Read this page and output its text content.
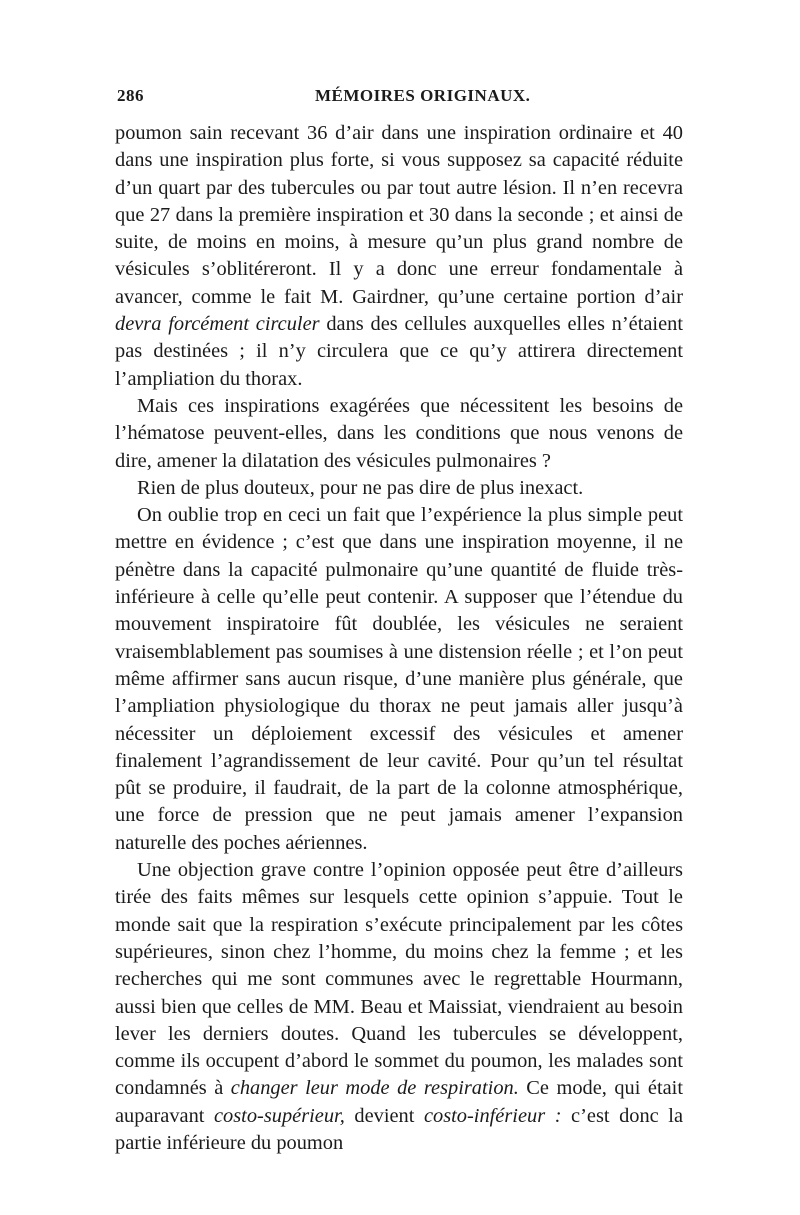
286	MÉMOIRES ORIGINAUX.

poumon sain recevant 36 d’air dans une inspiration ordinaire et 40 dans une inspiration plus forte, si vous supposez sa capacité réduite d’un quart par des tubercules ou par tout autre lésion. Il n’en recevra que 27 dans la première inspiration et 30 dans la seconde ; et ainsi de suite, de moins en moins, à mesure qu’un plus grand nombre de vésicules s’oblitéreront. Il y a donc une erreur fondamentale à avancer, comme le fait M. Gairdner, qu’une certaine portion d’air devra forcément circuler dans des cellules auxquelles elles n’étaient pas destinées ; il n’y circulera que ce qu’y attirera directement l’ampliation du thorax.

Mais ces inspirations exagérées que nécessitent les besoins de l’hématose peuvent-elles, dans les conditions que nous venons de dire, amener la dilatation des vésicules pulmonaires ?

Rien de plus douteux, pour ne pas dire de plus inexact.

On oublie trop en ceci un fait que l’expérience la plus simple peut mettre en évidence ; c’est que dans une inspiration moyenne, il ne pénètre dans la capacité pulmonaire qu’une quantité de fluide très-inférieure à celle qu’elle peut contenir. A supposer que l’étendue du mouvement inspiratoire fût doublée, les vésicules ne seraient vraisemblablement pas soumises à une distension réelle ; et l’on peut même affirmer sans aucun risque, d’une manière plus générale, que l’ampliation physiologique du thorax ne peut jamais aller jusqu’à nécessiter un déploiement excessif des vésicules et amener finalement l’agrandissement de leur cavité. Pour qu’un tel résultat pût se produire, il faudrait, de la part de la colonne atmosphérique, une force de pression que ne peut jamais amener l’expansion naturelle des poches aériennes.

Une objection grave contre l’opinion opposée peut être d’ailleurs tirée des faits mêmes sur lesquels cette opinion s’appuie. Tout le monde sait que la respiration s’exécute principalement par les côtes supérieures, sinon chez l’homme, du moins chez la femme ; et les recherches qui me sont communes avec le regrettable Hourmann, aussi bien que celles de MM. Beau et Maissiat, viendraient au besoin lever les derniers doutes. Quand les tubercules se développent, comme ils occupent d’abord le sommet du poumon, les malades sont condamnés à changer leur mode de respiration. Ce mode, qui était auparavant costo-supérieur, devient costo-inférieur : c’est donc la partie inférieure du poumon
